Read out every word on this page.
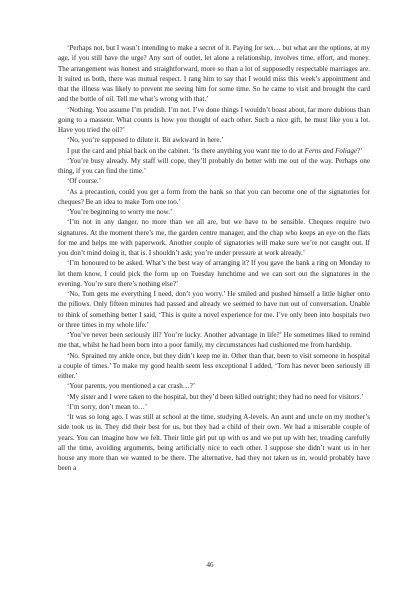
‘Perhaps not, but I wasn’t intending to make a secret of it. Paying for sex… but what are the options, at my age, if you still have the urge? Any sort of outlet, let alone a relationship, involves time, effort, and money. The arrangement was honest and straightforward, more so than a lot of supposedly respectable marriages are. It suited us both, there was mutual respect. I rang him to say that I would miss this week’s appointment and that the illness was likely to prevent me seeing him for some time. So he came to visit and brought the card and the bottle of oil. Tell me what’s wrong with that.’

‘Nothing. You assume I’m prudish. I’m not. I’ve done things I wouldn’t boast about, far more dubious than going to a masseur. What counts is how you thought of each other. Such a nice gift, he must like you a lot. Have you tried the oil?’

‘No, you’re supposed to dilute it. Bit awkward in here.’

I put the card and phial back on the cabinet. ‘Is there anything you want me to do at Ferns and Foliage?’

‘You’re busy already. My staff will cope, they’ll probably do better with me out of the way. Perhaps one thing, if you can find the time.’

‘Of course.’

‘As a precaution, could you get a form from the bank so that you can become one of the signatories for cheques? Be an idea to make Tom one too.’

‘You’re beginning to worry me now.’

‘I’m not in any danger, no more than we all are, but we have to be sensible. Cheques require two signatures. At the moment there’s me, the garden centre manager, and the chap who keeps an eye on the flats for me and helps me with paperwork. Another couple of signatories will make sure we’re not caught out. If you don’t mind doing it, that is. I shouldn’t ask; you’re under pressure at work already.’

‘I’m honoured to be asked. What’s the best way of arranging it? If you gave the bank a ring on Monday to let them know, I could pick the form up on Tuesday lunchtime and we can sort out the signatures in the evening. You’re sure there’s nothing else?’

‘No, Tom gets me everything I need, don’t you worry.’ He smiled and pushed himself a little higher onto the pillows. Only fifteen minutes had passed and already we seemed to have run out of conversation. Unable to think of something better I said, ‘This is quite a novel experience for me. I’ve only been into hospitals two or three times in my whole life.’

‘You’ve never been seriously ill? You’re lucky. Another advantage in life?’ He sometimes liked to remind me that, whilst he had been born into a poor family, my circumstances had cushioned me from hardship.

‘No. Sprained my ankle once, but they didn’t keep me in. Other than that, been to visit someone in hospital a couple of times.’ To make my good health seem less exceptional I added, ‘Tom has never been seriously ill either.’

‘Your parents, you mentioned a car crash…?’

‘My sister and I were taken to the hospital, but they’d been killed outright; they had no need for visitors.’

‘I’m sorry, don’t mean to…’

‘It was so long ago. I was still at school at the time, studying A-levels. An aunt and uncle on my mother’s side took us in. They did their best for us, but they had a child of their own. We had a miserable couple of years. You can imagine how we felt. Their little girl put up with us and we put up with her, treading carefully all the time, avoiding arguments, being artificially nice to each other. I suppose she didn’t want us in her house any more than we wanted to be there. The alternative, had they not taken us in, would probably have been a

46
